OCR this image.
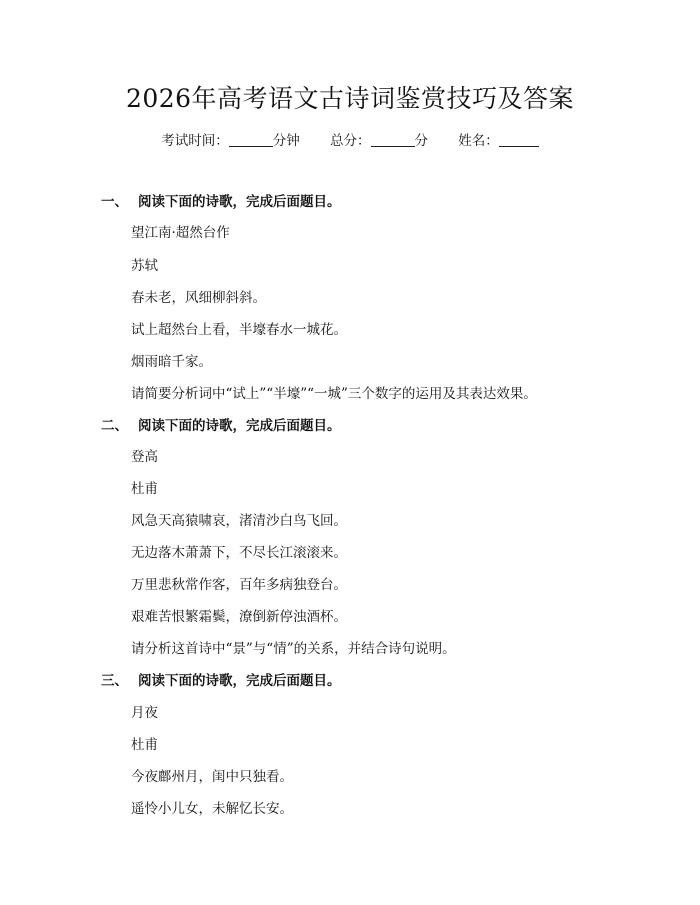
2026年高考语文古诗词鉴赏技巧及答案
考试时间：	分钟 总分：	分 姓名：
一、 阅读下面的诗歌，完成后面题目。
望江南·超然台作
苏轼
春未老，风细柳斜斜。
试上超然台上看，半壕春水一城花。
烟雨暗千家。
请简要分析词中“试上”“半壕”“一城”三个数字的运用及其表达效果。
二、 阅读下面的诗歌，完成后面题目。
登高
杜甫
风急天高猿啸哀，渚清沙白鸟飞回。
无边落木萧萧下，不尽长江滚滚来。
万里悲秋常作客，百年多病独登台。
艰难苦恨繁霜鬓，潦倒新停浊酒杯。
请分析这首诗中“景”与“情”的关系，并结合诗句说明。
三、 阅读下面的诗歌，完成后面题目。
月夜
杜甫
今夜鄜州月，闺中只独看。
遥怜小儿女，未解忆长安。
